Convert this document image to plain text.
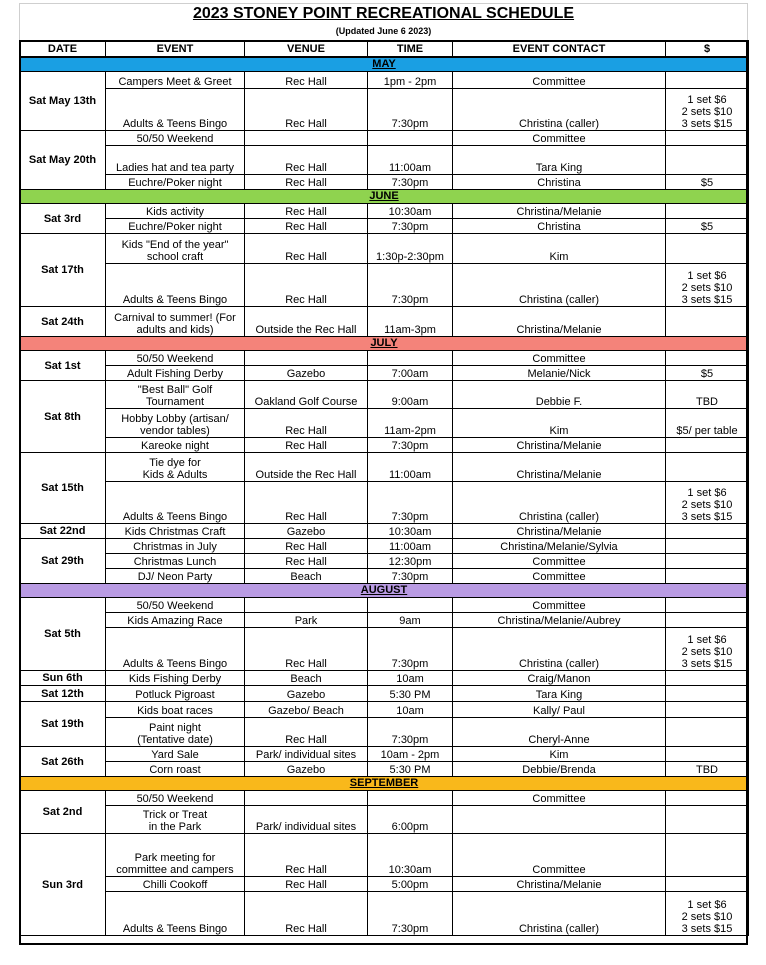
2023 STONEY POINT RECREATIONAL SCHEDULE
(Updated June 6 2023)
DATE	EVENT	VENUE	TIME	EVENT CONTACT	$
MAY					
Sat May 13th	Campers Meet & Greet	Rec Hall	1pm - 2pm	Committee	
	Adults & Teens Bingo	Rec Hall	7:30pm	Christina (caller)	1 set $6
2 sets $10
3 sets $15
Sat May 20th	50/50 Weekend			Committee	
	Ladies hat and tea party	Rec Hall	11:00am	Tara King	
	Euchre/Poker night	Rec Hall	7:30pm	Christina	$5
JUNE					
Sat 3rd	Kids activity	Rec Hall	10:30am	Christina/Melanie	
	Euchre/Poker night	Rec Hall	7:30pm	Christina	$5
Sat 17th	Kids "End of the year"
school craft	Rec Hall	1:30p-2:30pm	Kim	
	Adults & Teens Bingo	Rec Hall	7:30pm	Christina (caller)	1 set $6
2 sets $10
3 sets $15
Sat 24th	Carnival to summer! (For
adults and kids)	Outside the Rec Hall	11am-3pm	Christina/Melanie	
JULY					
Sat 1st	50/50 Weekend			Committee	
	Adult Fishing Derby	Gazebo	7:00am	Melanie/Nick	$5
Sat 8th	"Best Ball" Golf
Tournament	Oakland Golf Course	9:00am	Debbie F.	TBD
	Hobby Lobby (artisan/
vendor tables)	Rec Hall	11am-2pm	Kim	$5/ per table
	Kareoke night	Rec Hall	7:30pm	Christina/Melanie	
Sat 15th	Tie dye for
Kids & Adults	Outside the Rec Hall	11:00am	Christina/Melanie	
	Adults & Teens Bingo	Rec Hall	7:30pm	Christina (caller)	1 set $6
2 sets $10
3 sets $15
Sat 22nd	Kids Christmas Craft	Gazebo	10:30am	Christina/Melanie	
Sat 29th	Christmas in July	Rec Hall	11:00am	Christina/Melanie/Sylvia	
	Christmas Lunch	Rec Hall	12:30pm	Committee	
	DJ/ Neon Party	Beach	7:30pm	Committee	
AUGUST					
Sat 5th	50/50 Weekend			Committee	
	Kids Amazing Race	Park	9am	Christina/Melanie/Aubrey	
	Adults & Teens Bingo	Rec Hall	7:30pm	Christina (caller)	1 set $6
2 sets $10
3 sets $15
Sun 6th	Kids Fishing Derby	Beach	10am	Craig/Manon	
Sat 12th	Potluck Pigroast	Gazebo	5:30 PM	Tara King	
Sat 19th	Kids boat races	Gazebo/ Beach	10am	Kally/ Paul	
	Paint night
(Tentative date)	Rec Hall	7:30pm	Cheryl-Anne	
Sat 26th	Yard Sale	Park/ individual sites	10am - 2pm	Kim	
	Corn roast	Gazebo	5:30 PM	Debbie/Brenda	TBD
SEPTEMBER					
Sat 2nd	50/50 Weekend			Committee	
	Trick or Treat
in the Park	Park/ individual sites	6:00pm		
Sun 3rd	Park meeting for
committee and campers	Rec Hall	10:30am	Committee	
	Chilli Cookoff	Rec Hall	5:00pm	Christina/Melanie	
	Adults & Teens Bingo	Rec Hall	7:30pm	Christina (caller)	1 set $6
2 sets $10
3 sets $15
